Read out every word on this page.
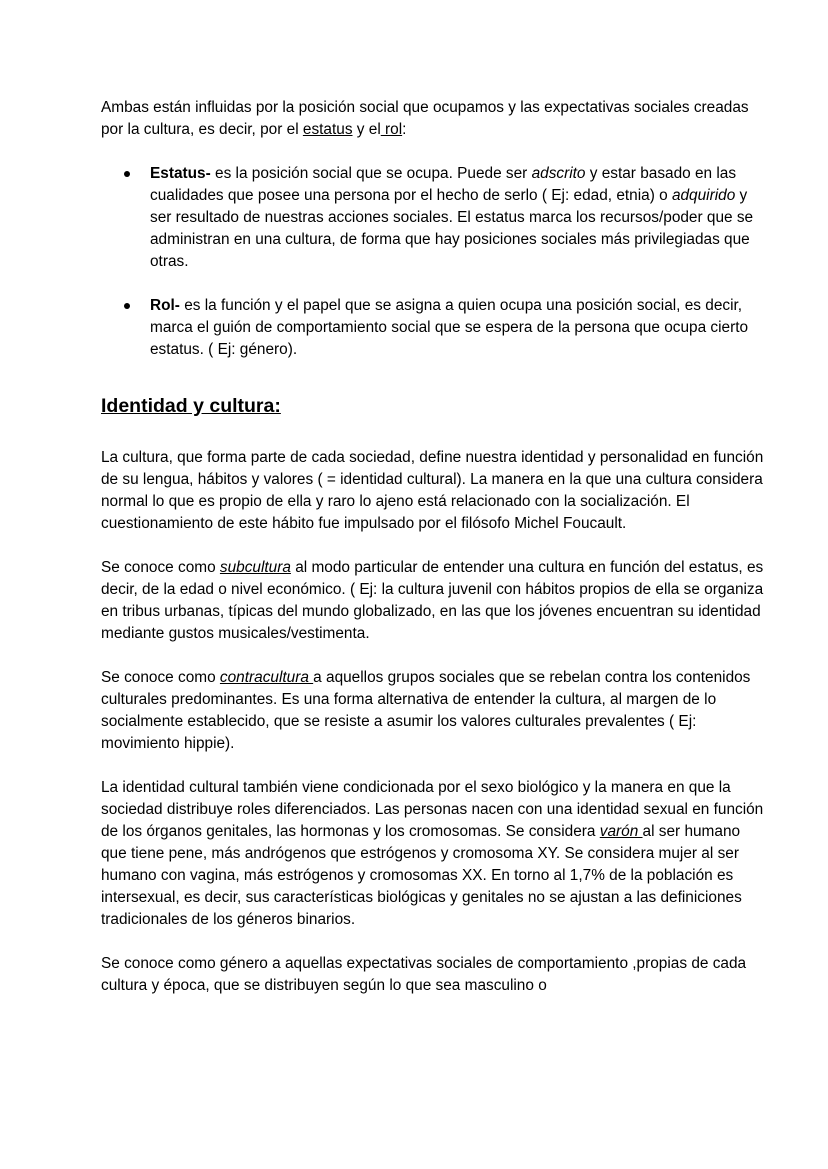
Ambas están influidas por la posición social que ocupamos y las expectativas sociales creadas por la cultura, es decir, por el estatus y el rol:

Estatus- es la posición social que se ocupa. Puede ser adscrito y estar basado en las cualidades que posee una persona por el hecho de serlo ( Ej: edad, etnia) o adquirido y ser resultado de nuestras acciones sociales. El estatus marca los recursos/poder que se administran en una cultura, de forma que hay posiciones sociales más privilegiadas que otras.
Rol- es la función y el papel que se asigna a quien ocupa una posición social, es decir, marca el guión de comportamiento social que se espera de la persona que ocupa cierto estatus. ( Ej: género).
Identidad y cultura:

La cultura, que forma parte de cada sociedad, define nuestra identidad y personalidad en función de su lengua, hábitos y valores ( = identidad cultural). La manera en la que una cultura considera normal lo que es propio de ella y raro lo ajeno está relacionado con la socialización. El cuestionamiento de este hábito fue impulsado por el filósofo Michel Foucault.

Se conoce como subcultura al modo particular de entender una cultura en función del estatus, es decir, de la edad o nivel económico. ( Ej: la cultura juvenil con hábitos propios de ella se organiza en tribus urbanas, típicas del mundo globalizado, en las que los jóvenes encuentran su identidad mediante gustos musicales/vestimenta.

Se conoce como contracultura a aquellos grupos sociales que se rebelan contra los contenidos culturales predominantes. Es una forma alternativa de entender la cultura, al margen de lo socialmente establecido, que se resiste a asumir los valores culturales prevalentes ( Ej: movimiento hippie).

La identidad cultural también viene condicionada por el sexo biológico y la manera en que la sociedad distribuye roles diferenciados. Las personas nacen con una identidad sexual en función de los órganos genitales, las hormonas y los cromosomas. Se considera varón al ser humano que tiene pene, más andrógenos que estrógenos y cromosoma XY. Se considera mujer al ser humano con vagina, más estrógenos y cromosomas XX. En torno al 1,7% de la población es intersexual, es decir, sus características biológicas y genitales no se ajustan a las definiciones tradicionales de los géneros binarios.

Se conoce como género a aquellas expectativas sociales de comportamiento ,propias de cada cultura y época, que se distribuyen según lo que sea masculino o
